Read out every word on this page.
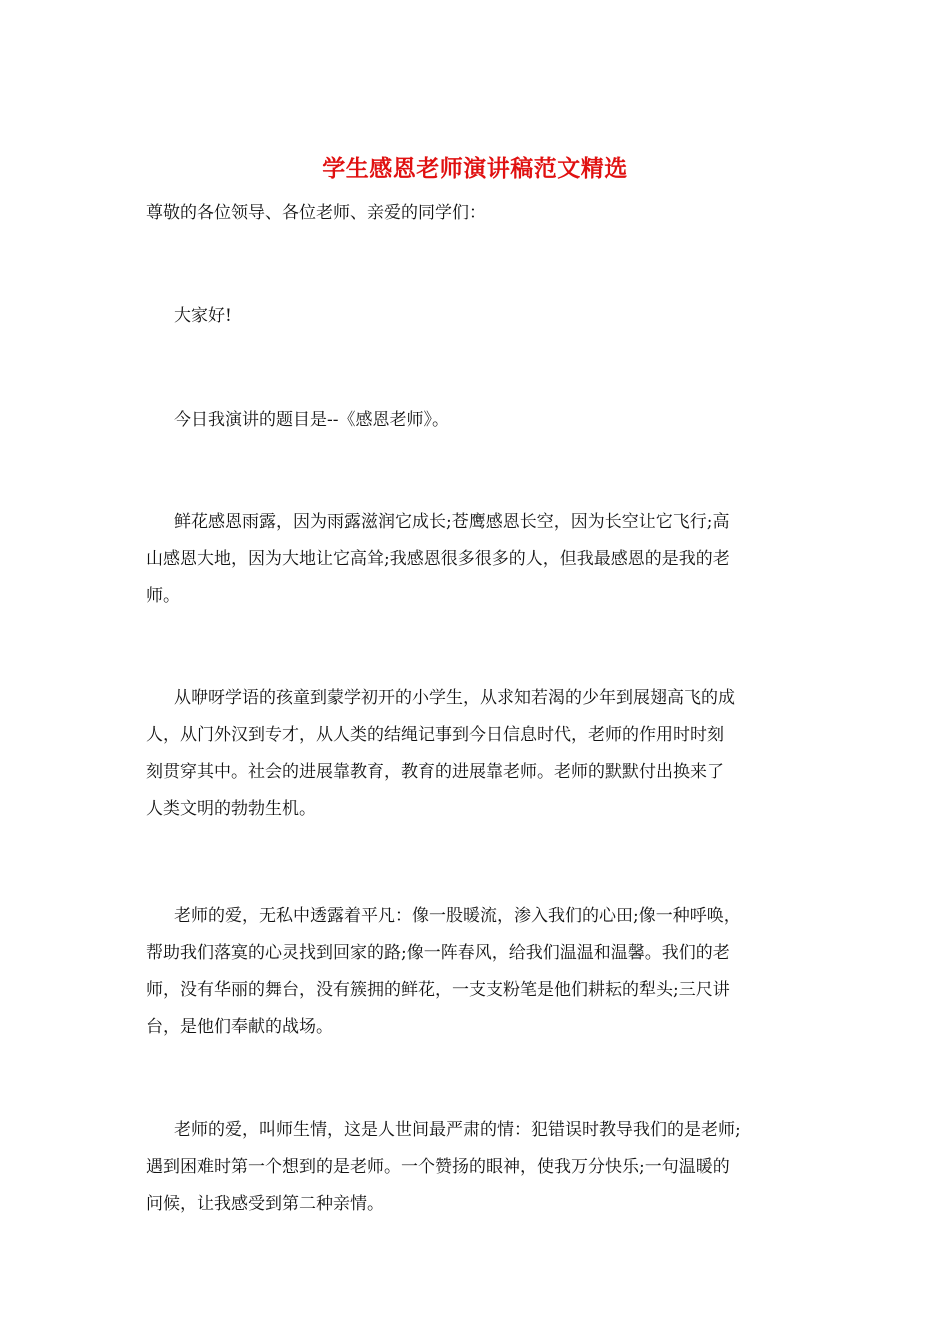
学生感恩老师演讲稿范文精选
尊敬的各位领导、各位老师、亲爱的同学们：
大家好!
今日我演讲的题目是--《感恩老师》。
鲜花感恩雨露，因为雨露滋润它成长;苍鹰感恩长空，因为长空让它飞行;高
山感恩大地，因为大地让它高耸;我感恩很多很多的人，但我最感恩的是我的老
师。
从咿呀学语的孩童到蒙学初开的小学生，从求知若渴的少年到展翅高飞的成
人，从门外汉到专才，从人类的结绳记事到今日信息时代，老师的作用时时刻
刻贯穿其中。社会的进展靠教育，教育的进展靠老师。老师的默默付出换来了
人类文明的勃勃生机。
老师的爱，无私中透露着平凡：像一股暖流，渗入我们的心田;像一种呼唤，
帮助我们落寞的心灵找到回家的路;像一阵春风，给我们温温和温馨。我们的老
师，没有华丽的舞台，没有簇拥的鲜花，一支支粉笔是他们耕耘的犁头;三尺讲
台，是他们奉献的战场。
老师的爱，叫师生情，这是人世间最严肃的情：犯错误时教导我们的是老师;
遇到困难时第一个想到的是老师。一个赞扬的眼神，使我万分快乐;一句温暖的
问候，让我感受到第二种亲情。
